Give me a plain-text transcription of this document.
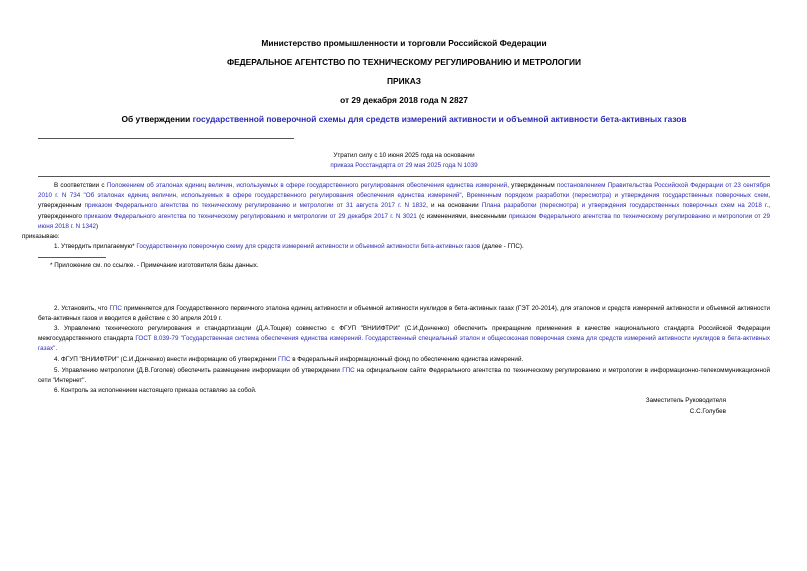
Министерство промышленности и торговли Российской Федерации
ФЕДЕРАЛЬНОЕ АГЕНТСТВО ПО ТЕХНИЧЕСКОМУ РЕГУЛИРОВАНИЮ И МЕТРОЛОГИИ
ПРИКАЗ
от 29 декабря 2018 года N 2827
Об утверждении государственной поверочной схемы для средств измерений активности и объемной активности бета-активных газов
Утратил силу с 10 июня 2025 года на основании
приказа Росстандарта от 29 мая 2025 года N 1039
В соответствии с Положением об эталонах единиц величин, используемых в сфере государственного регулирования обеспечения единства измерений, утвержденным постановлением Правительства Российской Федерации от 23 сентября 2010 г. N 734 "Об эталонах единиц величин, используемых в сфере государственного регулирования обеспечения единства измерений", Временным порядком разработки (пересмотра) и утверждения государственных поверочных схем, утвержденным приказом Федерального агентства по техническому регулированию и метрологии от 31 августа 2017 г. N 1832, и на основании Плана разработки (пересмотра) и утверждения государственных поверочных схем на 2018 г., утвержденного приказом Федерального агентства по техническому регулированию и метрологии от 29 декабря 2017 г. N 3021 (с изменениями, внесенными приказом Федерального агентства по техническому регулированию и метрологии от 29 июня 2018 г. N 1342)
приказываю:
1. Утвердить прилагаемую* Государственную поверочную схему для средств измерений активности и объемной активности бета-активных газов (далее - ГПС).
* Приложение см. по ссылке. - Примечание изготовителя базы данных.
2. Установить, что ГПС применяется для Государственного первичного эталона единиц активности и объемной активности нуклидов в бета-активных газах (ГЭТ 20-2014), для эталонов и средств измерений активности и объемной активности бета-активных газов и вводится в действие с 30 апреля 2019 г.
3. Управлению технического регулирования и стандартизации (Д.А.Тощев) совместно с ФГУП "ВНИИФТРИ" (С.И.Донченко) обеспечить прекращение применения в качестве национального стандарта Российской Федерации межгосударственного стандарта ГОСТ 8.039-79 "Государственная система обеспечения единства измерений. Государственный специальный эталон и общесоюзная поверочная схема для средств измерений активности нуклидов в бета-активных газах".
4. ФГУП "ВНИИФТРИ" (С.И.Донченко) внести информацию об утверждении ГПС в Федеральный информационный фонд по обеспечению единства измерений.
5. Управлению метрологии (Д.В.Гоголев) обеспечить размещение информации об утверждении ГПС на официальном сайте Федерального агентства по техническому регулированию и метрологии в информационно-телекоммуникационной сети "Интернет".
6. Контроль за исполнением настоящего приказа оставляю за собой.
Заместитель Руководителя
С.С.Голубев
